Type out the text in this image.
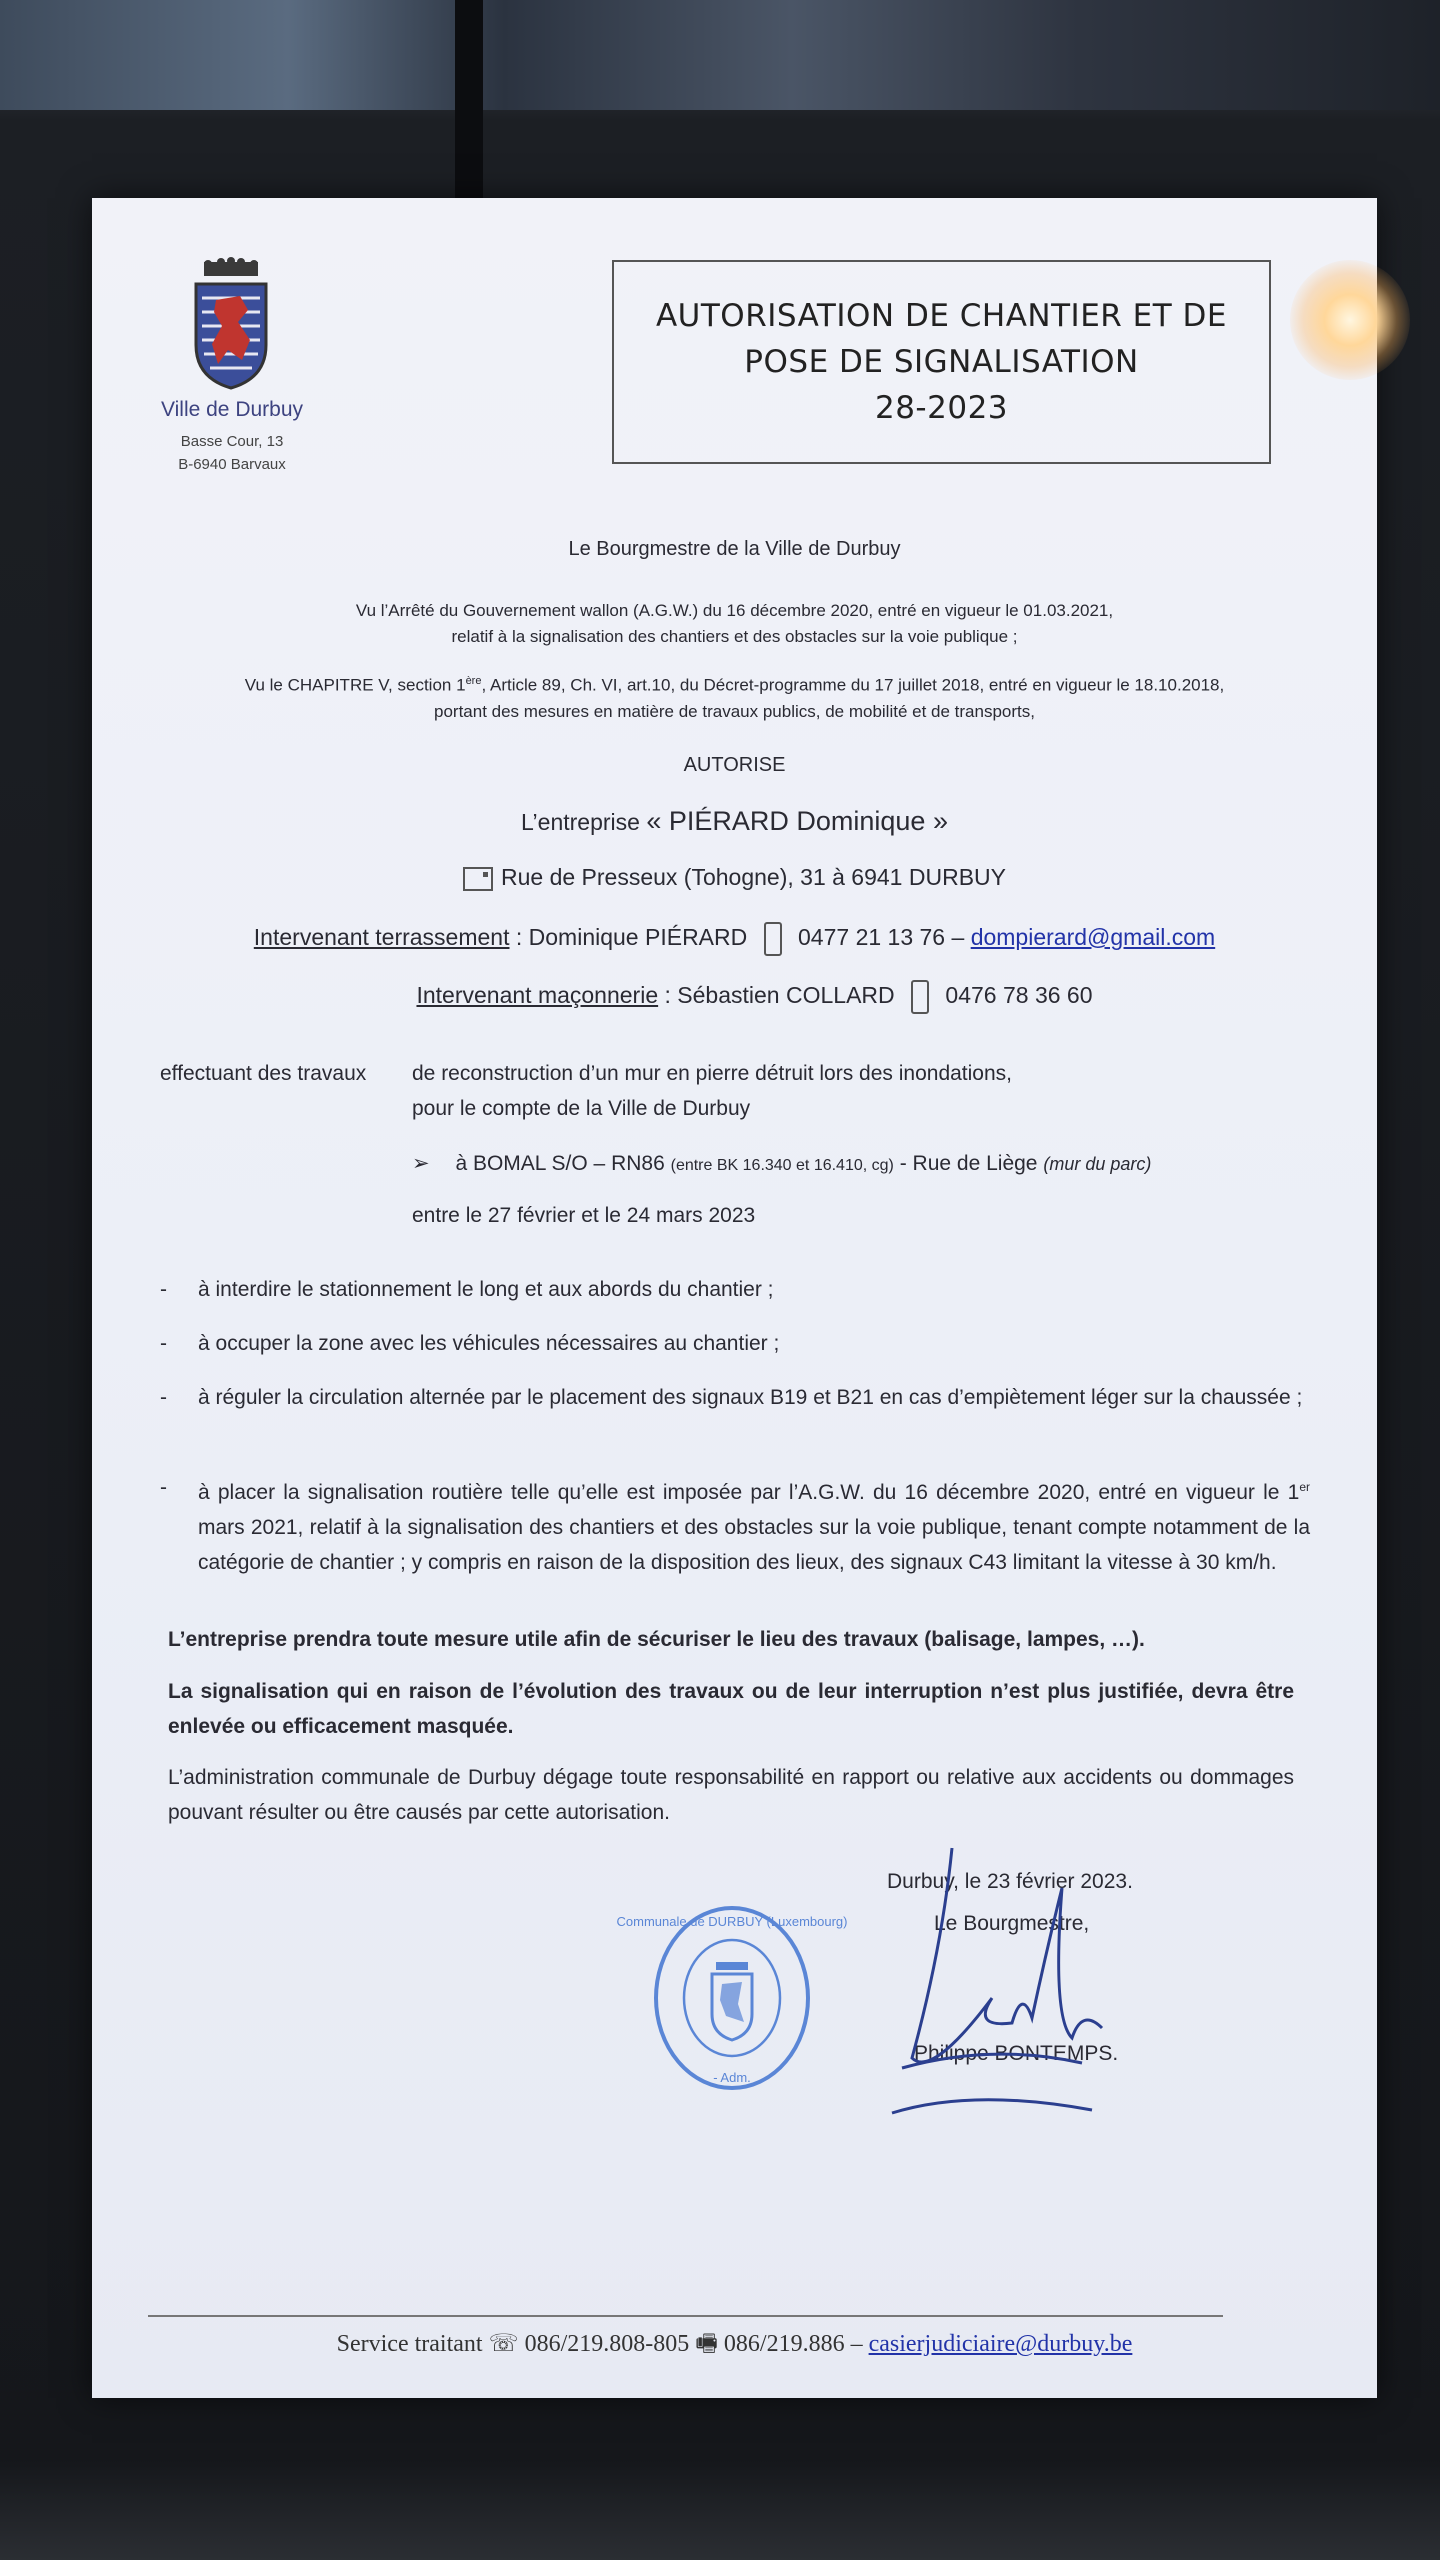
Ville de Durbuy
Basse Cour, 13
B-6940 Barvaux
AUTORISATION DE CHANTIER ET DE
POSE DE SIGNALISATION
28-2023
Le Bourgmestre de la Ville de Durbuy
Vu l’Arrêté du Gouvernement wallon (A.G.W.) du 16 décembre 2020, entré en vigueur le 01.03.2021,
relatif à la signalisation des chantiers et des obstacles sur la voie publique ;
Vu le CHAPITRE V, section 1ère, Article 89, Ch. VI, art.10, du Décret-programme du 17 juillet 2018, entré en vigueur le 18.10.2018,
portant des mesures en matière de travaux publics, de mobilité et de transports,
AUTORISE
L’entreprise « PIÉRARD Dominique »
Rue de Presseux (Tohogne), 31 à 6941 DURBUY
Intervenant terrassement : Dominique PIÉRARD 0477 21 13 76 – dompierard@gmail.com
Intervenant maçonnerie : Sébastien COLLARD 0476 78 36 60
effectuant des travaux de reconstruction d’un mur en pierre détruit lors des inondations,
pour le compte de la Ville de Durbuy
➢ à BOMAL S/O – RN86 (entre BK 16.340 et 16.410, cg) - Rue de Liège (mur du parc)
entre le 27 février et le 24 mars 2023
- à interdire le stationnement le long et aux abords du chantier ;
- à occuper la zone avec les véhicules nécessaires au chantier ;
- à réguler la circulation alternée par le placement des signaux B19 et B21 en cas d’empiètement léger sur la chaussée ;
- à placer la signalisation routière telle qu’elle est imposée par l’A.G.W. du 16 décembre 2020, entré en vigueur le 1er mars 2021, relatif à la signalisation des chantiers et des obstacles sur la voie publique, tenant compte notamment de la catégorie de chantier ; y compris en raison de la disposition des lieux, des signaux C43 limitant la vitesse à 30 km/h.
L’entreprise prendra toute mesure utile afin de sécuriser le lieu des travaux (balisage, lampes, …).
La signalisation qui en raison de l’évolution des travaux ou de leur interruption n’est plus justifiée, devra être enlevée ou efficacement masquée.
L’administration communale de Durbuy dégage toute responsabilité en rapport ou relative aux accidents ou dommages pouvant résulter ou être causés par cette autorisation.
Durbuy, le 23 février 2023.
Le Bourgmestre,
Philippe BONTEMPS.
Communale de DURBUY (Luxembourg)
- Adm.
Service traitant ☏ 086/219.808-805 🖷 086/219.886 – casierjudiciaire@durbuy.be
